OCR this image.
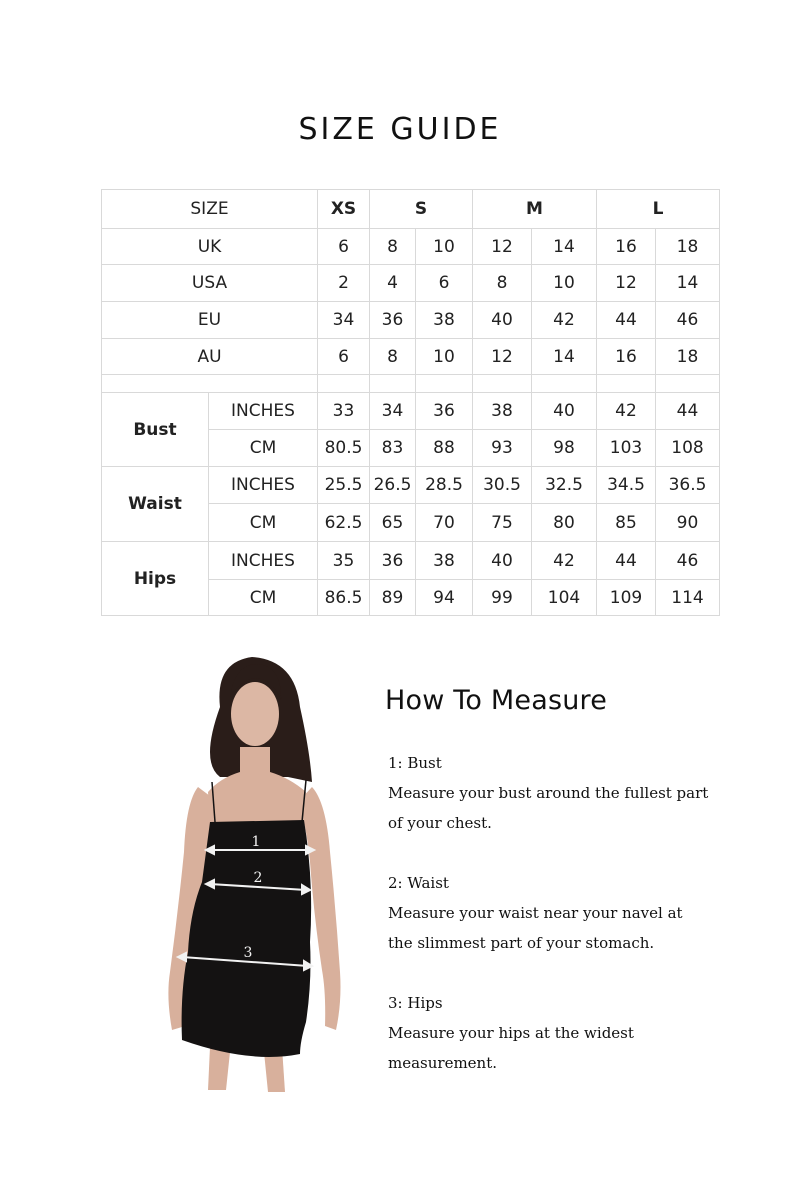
SIZE GUIDE
SIZE		XS	S		M		L	
UK		6	8	10	12	14	16	18
USA		2	4	6	8	10	12	14
EU		34	36	38	40	42	44	46
AU		6	8	10	12	14	16	18

Bust	INCHES	33	34	36	38	40	42	44
	CM	80.5	83	88	93	98	103	108
Waist	INCHES	25.5	26.5	28.5	30.5	32.5	34.5	36.5
	CM	62.5	65	70	75	80	85	90
Hips	INCHES	35	36	38	40	42	44	46
	CM	86.5	89	94	99	104	109	114
1
2
3
How To Measure

1: Bust

Measure your bust around the fullest part

of your chest.

2: Waist

Measure your waist near your navel at

the slimmest part of your stomach.

3: Hips

Measure your hips at the widest

measurement.
